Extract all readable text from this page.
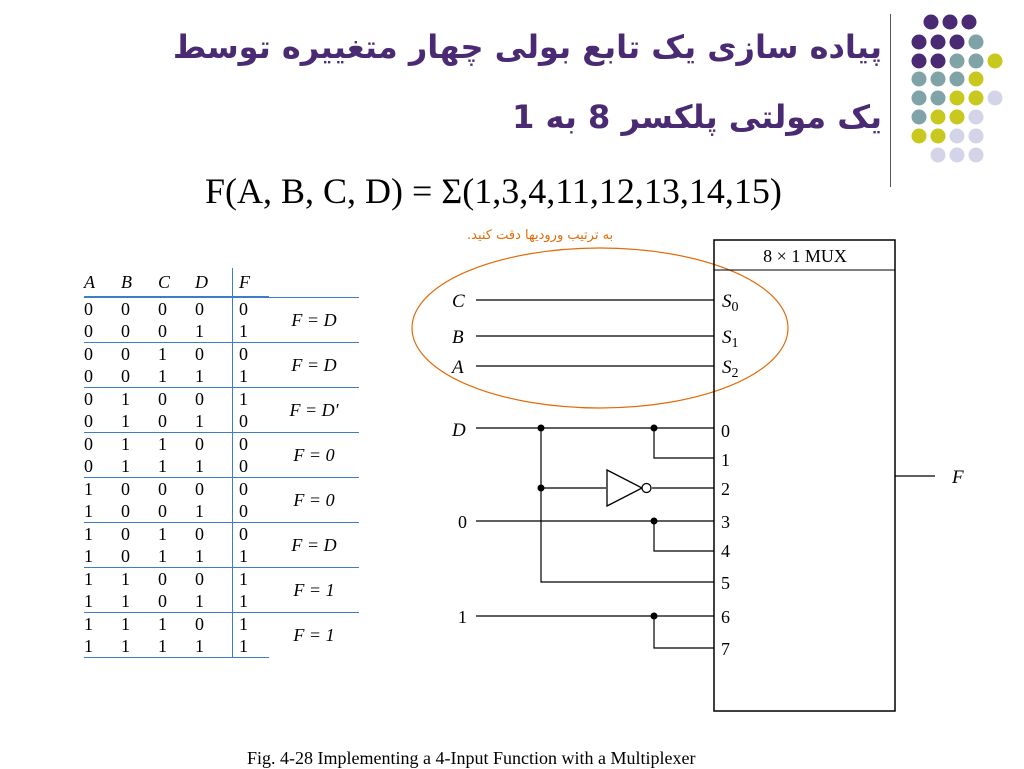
پیاده سازی یک تابع بولی چهار متغییره توسط
یک مولتی پلکسر 8 به 1
F(A, B, C, D) = Σ(1,3,4,11,12,13,14,15)
به ترتیب ورودیها دقت کنید.
A	B	C	D	F	
0	0	0	0	0	F = D
0	0	0	1	1	
0	0	1	0	0	F = D
0	0	1	1	1	
0	1	0	0	1	F = D′
0	1	0	1	0	
0	1	1	0	0	F = 0
0	1	1	1	0	
1	0	0	0	0	F = 0
1	0	0	1	0	
1	0	1	0	0	F = D
1	0	1	1	1	
1	1	0	0	1	F = 1
1	1	0	1	1	
1	1	1	0	1	F = 1
1	1	1	1	1	
8 × 1 MUX
C
B
A
$S_0$
$S_1$
$S_2$
0
1
2
3
4
5
6
7
D
0
1
F
Fig. 4-28 Implementing a 4-Input Function with a Multiplexer
